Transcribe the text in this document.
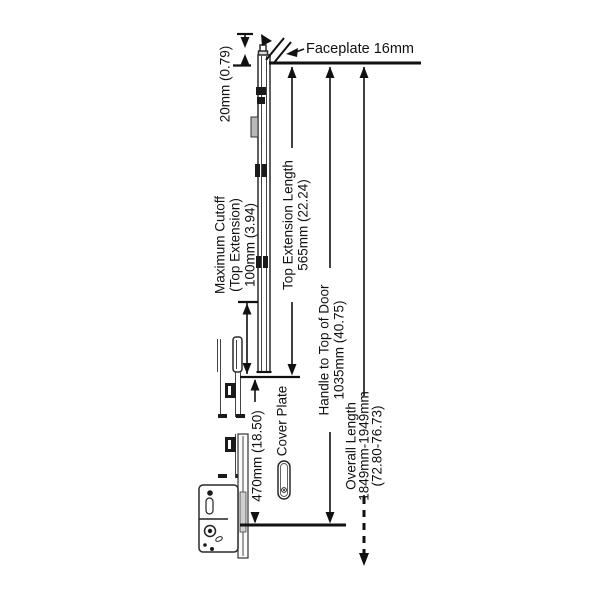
Faceplate 16mm
20mm (0.79)
Maximum Cutoff (Top Extension) 100mm (3.94) Top Extension Length 565mm (22.24)
Handle to Top of Door 1035mm (40.75)
Cover Plate
470mm (18.50)	Overall Length
1849mm-1949mm
(72.80-76.73)
